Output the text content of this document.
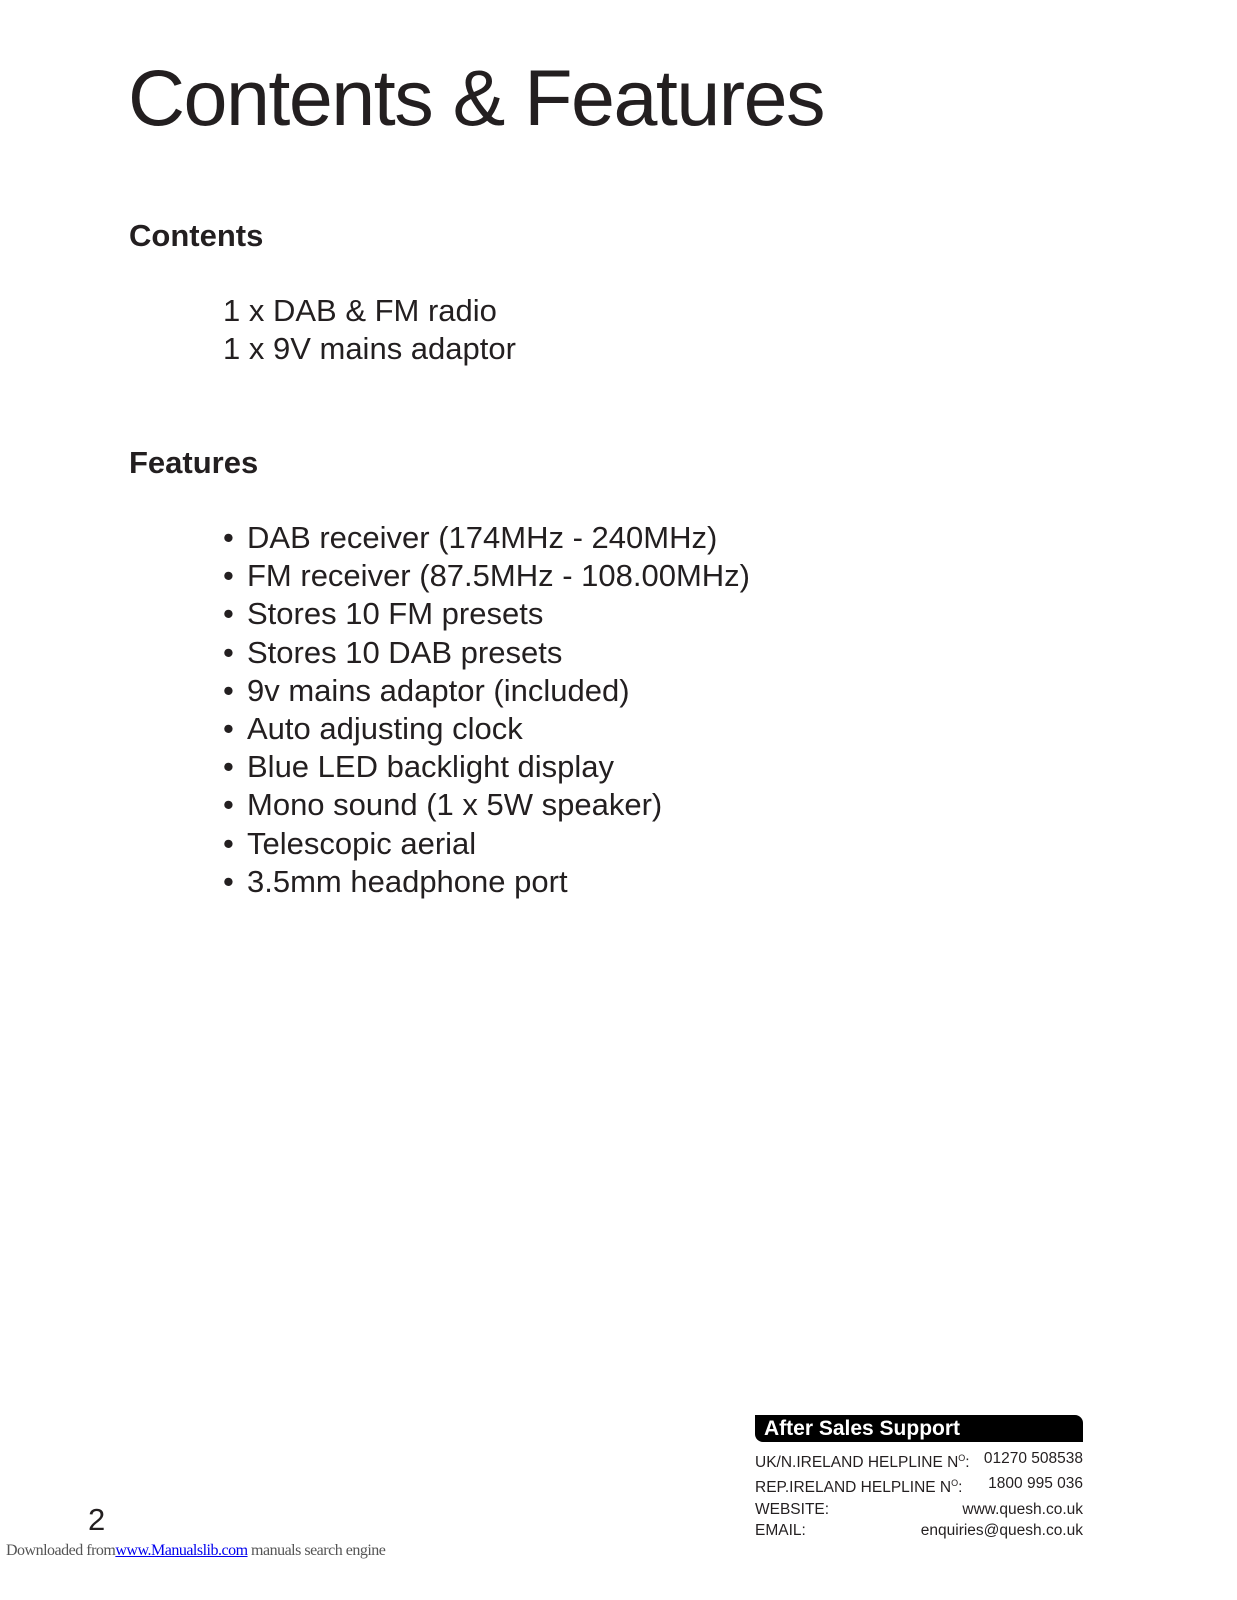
Contents & Features
Contents
1 x DAB & FM radio
1 x 9V mains adaptor
Features
• DAB receiver (174MHz - 240MHz)
• FM receiver (87.5MHz - 108.00MHz)
• Stores 10 FM presets
• Stores 10 DAB presets
• 9v mains adaptor (included)
• Auto adjusting clock
• Blue LED backlight display
• Mono sound (1 x 5W speaker)
• Telescopic aerial
• 3.5mm headphone port
2
After Sales Support
UK/N.IRELAND HELPLINE $N^O$: 01270 508538
REP.IRELAND HELPLINE $N^O$: 1800 995 036
WEBSITE:	www.quesh.co.uk
EMAIL:	enquiries@quesh.co.uk
Downloaded fromwww.Manualslib.com manuals search engine
